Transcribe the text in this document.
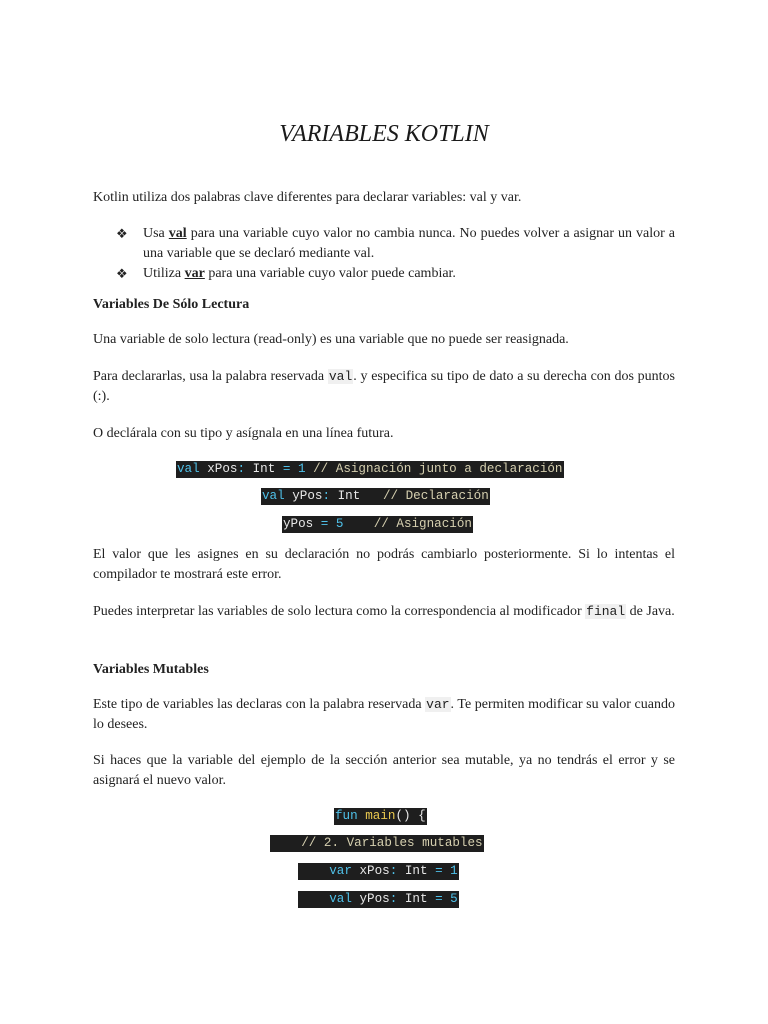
VARIABLES KOTLIN

Kotlin utiliza dos palabras clave diferentes para declarar variables: val y var.

❖ Usa val para una variable cuyo valor no cambia nunca. No puedes volver a asignar un valor a una variable que se declaró mediante val.
❖ Utiliza var para una variable cuyo valor puede cambiar.
Variables De Sólo Lectura

Una variable de solo lectura (read-only) es una variable que no puede ser reasignada.

Para declararlas, usa la palabra reservada val. y especifica su tipo de dato a su derecha con dos puntos (:).

O declárala con su tipo y asígnala en una línea futura.

val xPos: Int = 1 // Asignación junto a declaración
val yPos: Int   // Declaración
yPos = 5    // Asignación

El valor que les asignes en su declaración no podrás cambiarlo posteriormente. Si lo intentas el compilador te mostrará este error.

Puedes interpretar las variables de solo lectura como la correspondencia al modificador final de Java.

Variables Mutables

Este tipo de variables las declaras con la palabra reservada var. Te permiten modificar su valor cuando lo desees.

Si haces que la variable del ejemplo de la sección anterior sea mutable, ya no tendrás el error y se asignará el nuevo valor.

fun main() {
// 2. Variables mutables
var xPos: Int = 1
val yPos: Int = 5
